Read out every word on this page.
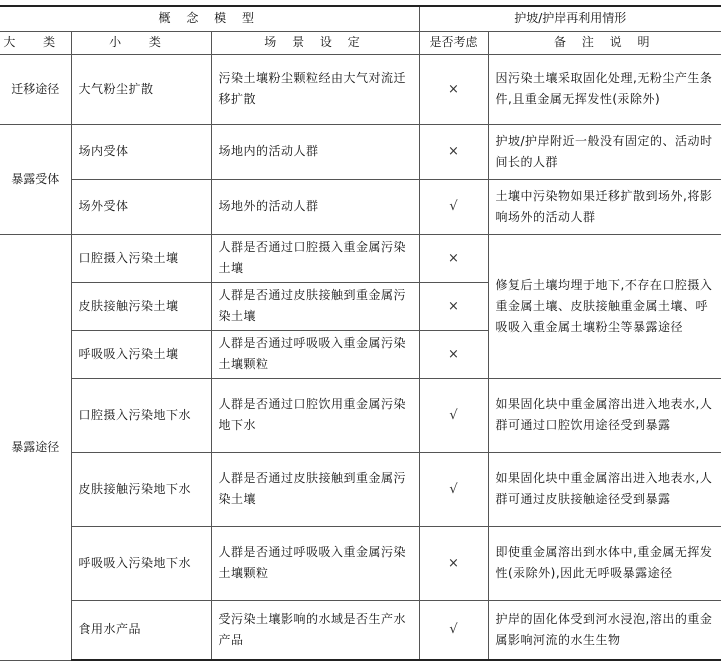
概 念 模 型			护坡/护岸再利用情形	
大 类	小 类	场 景 设 定	是否考虑	备 注 说 明
迁移途径	大气粉尘扩散	污染土壤粉尘颗粒经由大气对流迁移扩散	×	因污染土壤采取固化处理,无粉尘产生条件,且重金属无挥发性(汞除外)
暴露受体	场内受体	场地内的活动人群	×	护坡/护岸附近一般没有固定的、活动时间长的人群
	场外受体	场地外的活动人群	√	土壤中污染物如果迁移扩散到场外,将影响场外的活动人群
暴露途径	口腔摄入污染土壤	人群是否通过口腔摄入重金属污染土壤	×	修复后土壤均埋于地下,不存在口腔摄入重金属土壤、皮肤接触重金属土壤、呼吸吸入重金属土壤粉尘等暴露途径
	皮肤接触污染土壤	人群是否通过皮肤接触到重金属污染土壤	×	
	呼吸吸入污染土壤	人群是否通过呼吸吸入重金属污染土壤颗粒	×	
	口腔摄入污染地下水	人群是否通过口腔饮用重金属污染地下水	√	如果固化块中重金属溶出进入地表水,人群可通过口腔饮用途径受到暴露
	皮肤接触污染地下水	人群是否通过皮肤接触到重金属污染土壤	√	如果固化块中重金属溶出进入地表水,人群可通过皮肤接触途径受到暴露
	呼吸吸入污染地下水	人群是否通过呼吸吸入重金属污染土壤颗粒	×	即使重金属溶出到水体中,重金属无挥发性(汞除外),因此无呼吸暴露途径
	食用水产品	受污染土壤影响的水域是否生产水产品	√	护岸的固化体受到河水浸泡,溶出的重金属影响河流的水生生物
